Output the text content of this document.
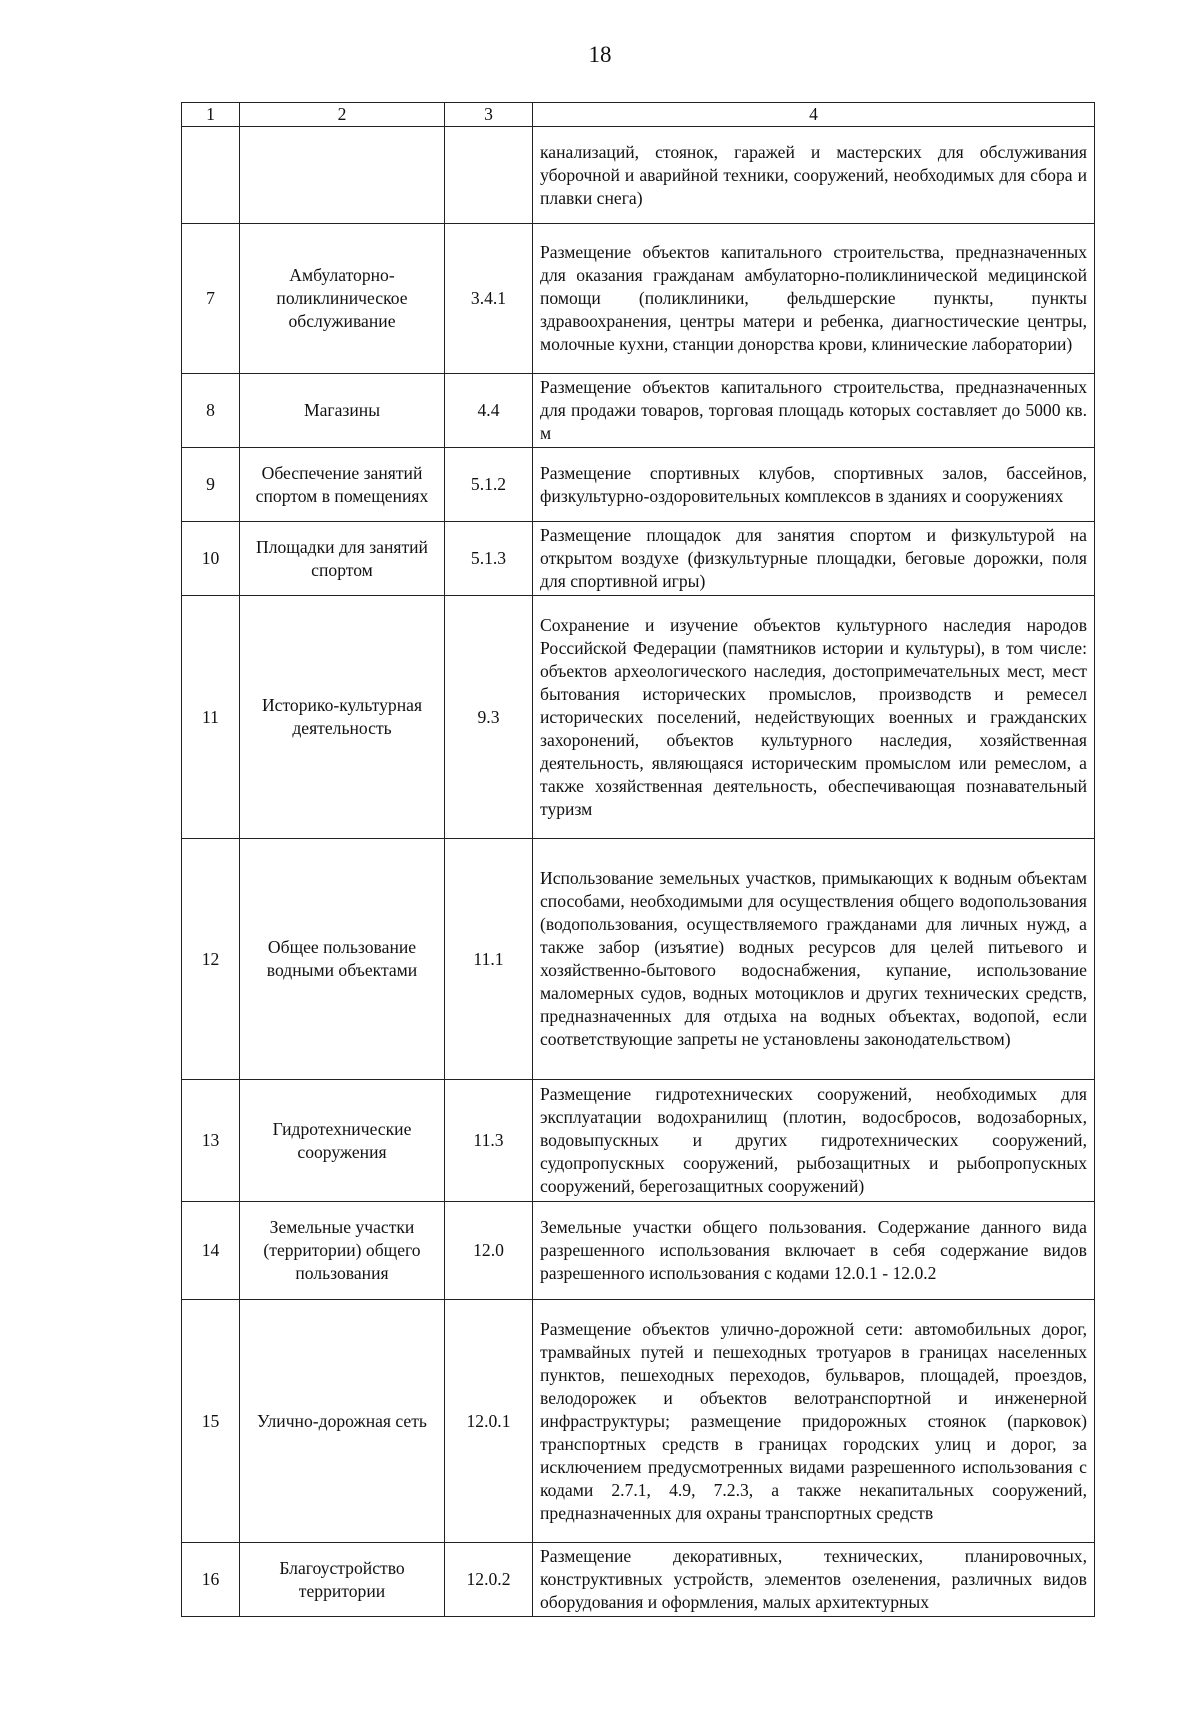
18
1	2	3	4
			канализаций, стоянок, гаражей и мастерских для обслуживания уборочной и аварийной техники, сооружений, необходимых для сбора и плавки снега)
7	Амбулаторно-поликлиническое обслуживание	3.4.1	Размещение объектов капитального строительства, предназначенных для оказания гражданам амбулаторно-поликлинической медицинской помощи (поликлиники, фельдшерские пункты, пункты здравоохранения, центры матери и ребенка, диагностические центры, молочные кухни, станции донорства крови, клинические лаборатории)
8	Магазины	4.4	Размещение объектов капитального строительства, предназначенных для продажи товаров, торговая площадь которых составляет до 5000 кв. м
9	Обеспечение занятий спортом в помещениях	5.1.2	Размещение спортивных клубов, спортивных залов, бассейнов, физкультурно-оздоровительных комплексов в зданиях и сооружениях
10	Площадки для занятий спортом	5.1.3	Размещение площадок для занятия спортом и физкультурой на открытом воздухе (физкультурные площадки, беговые дорожки, поля для спортивной игры)
11	Историко-культурная деятельность	9.3	Сохранение и изучение объектов культурного наследия народов Российской Федерации (памятников истории и культуры), в том числе: объектов археологического наследия, достопримечательных мест, мест бытования исторических промыслов, производств и ремесел исторических поселений, недействующих военных и гражданских захоронений, объектов культурного наследия, хозяйственная деятельность, являющаяся историческим промыслом или ремеслом, а также хозяйственная деятельность, обеспечивающая познавательный туризм
12	Общее пользование водными объектами	11.1	Использование земельных участков, примыкающих к водным объектам способами, необходимыми для осуществления общего водопользования (водопользования, осуществляемого гражданами для личных нужд, а также забор (изъятие) водных ресурсов для целей питьевого и хозяйственно-бытового водоснабжения, купание, использование маломерных судов, водных мотоциклов и других технических средств, предназначенных для отдыха на водных объектах, водопой, если соответствующие запреты не установлены законодательством)
13	Гидротехнические сооружения	11.3	Размещение гидротехнических сооружений, необходимых для эксплуатации водохранилищ (плотин, водосбросов, водозаборных, водовыпускных и других гидротехнических сооружений, судопропускных сооружений, рыбозащитных и рыбопропускных сооружений, берегозащитных сооружений)
14	Земельные участки (территории) общего пользования	12.0	Земельные участки общего пользования. Содержание данного вида разрешенного использования включает в себя содержание видов разрешенного использования с кодами 12.0.1 - 12.0.2
15	Улично-дорожная сеть	12.0.1	Размещение объектов улично-дорожной сети: автомобильных дорог, трамвайных путей и пешеходных тротуаров в границах населенных пунктов, пешеходных переходов, бульваров, площадей, проездов, велодорожек и объектов велотранспортной и инженерной инфраструктуры; размещение придорожных стоянок (парковок) транспортных средств в границах городских улиц и дорог, за исключением предусмотренных видами разрешенного использования с кодами 2.7.1, 4.9, 7.2.3, а также некапитальных сооружений, предназначенных для охраны транспортных средств
16	Благоустройство территории	12.0.2	Размещение декоративных, технических, планировочных, конструктивных устройств, элементов озеленения, различных видов оборудования и оформления, малых архитектурных
